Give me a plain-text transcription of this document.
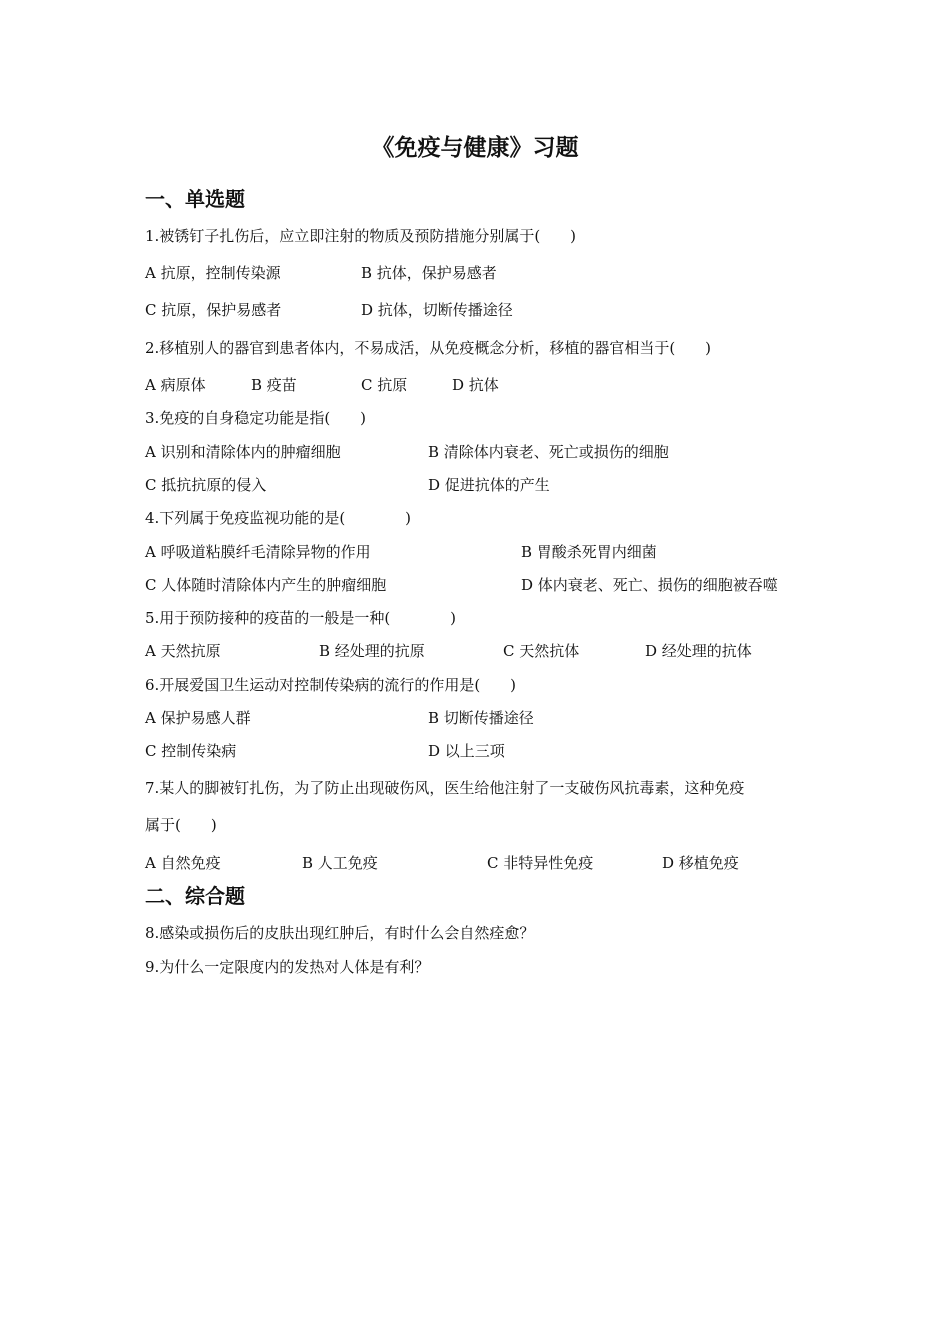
《免疫与健康》习题
一、单选题
1.被锈钉子扎伤后，应立即注射的物质及预防措施分别属于(　　)
A 抗原，控制传染源	B 抗体，保护易感者
C 抗原，保护易感者	D 抗体，切断传播途径
2.移植别人的器官到患者体内，不易成活，从免疫概念分析，移植的器官相当于(　　)
A 病原体	B 疫苗	C 抗原	D 抗体
3.免疫的自身稳定功能是指(　　)
A 识别和清除体内的肿瘤细胞	B 清除体内衰老、死亡或损伤的细胞
C 抵抗抗原的侵入	D 促进抗体的产生
4.下列属于免疫监视功能的是(　　　　)
A 呼吸道粘膜纤毛清除异物的作用	B 胃酸杀死胃内细菌
C 人体随时清除体内产生的肿瘤细胞	D 体内衰老、死亡、损伤的细胞被吞噬
5.用于预防接种的疫苗的一般是一种(　　　　)
A 天然抗原	B 经处理的抗原	C 天然抗体	D 经处理的抗体
6.开展爱国卫生运动对控制传染病的流行的作用是(　　)
A 保护易感人群	B 切断传播途径
C 控制传染病	D 以上三项
7.某人的脚被钉扎伤，为了防止出现破伤风，医生给他注射了一支破伤风抗毒素，这种免疫
属于(　　)
A 自然免疫	B 人工免疫	C 非特异性免疫	D 移植免疫
二、综合题
8.感染或损伤后的皮肤出现红肿后，有时什么会自然痊愈？
9.为什么一定限度内的发热对人体是有利？
